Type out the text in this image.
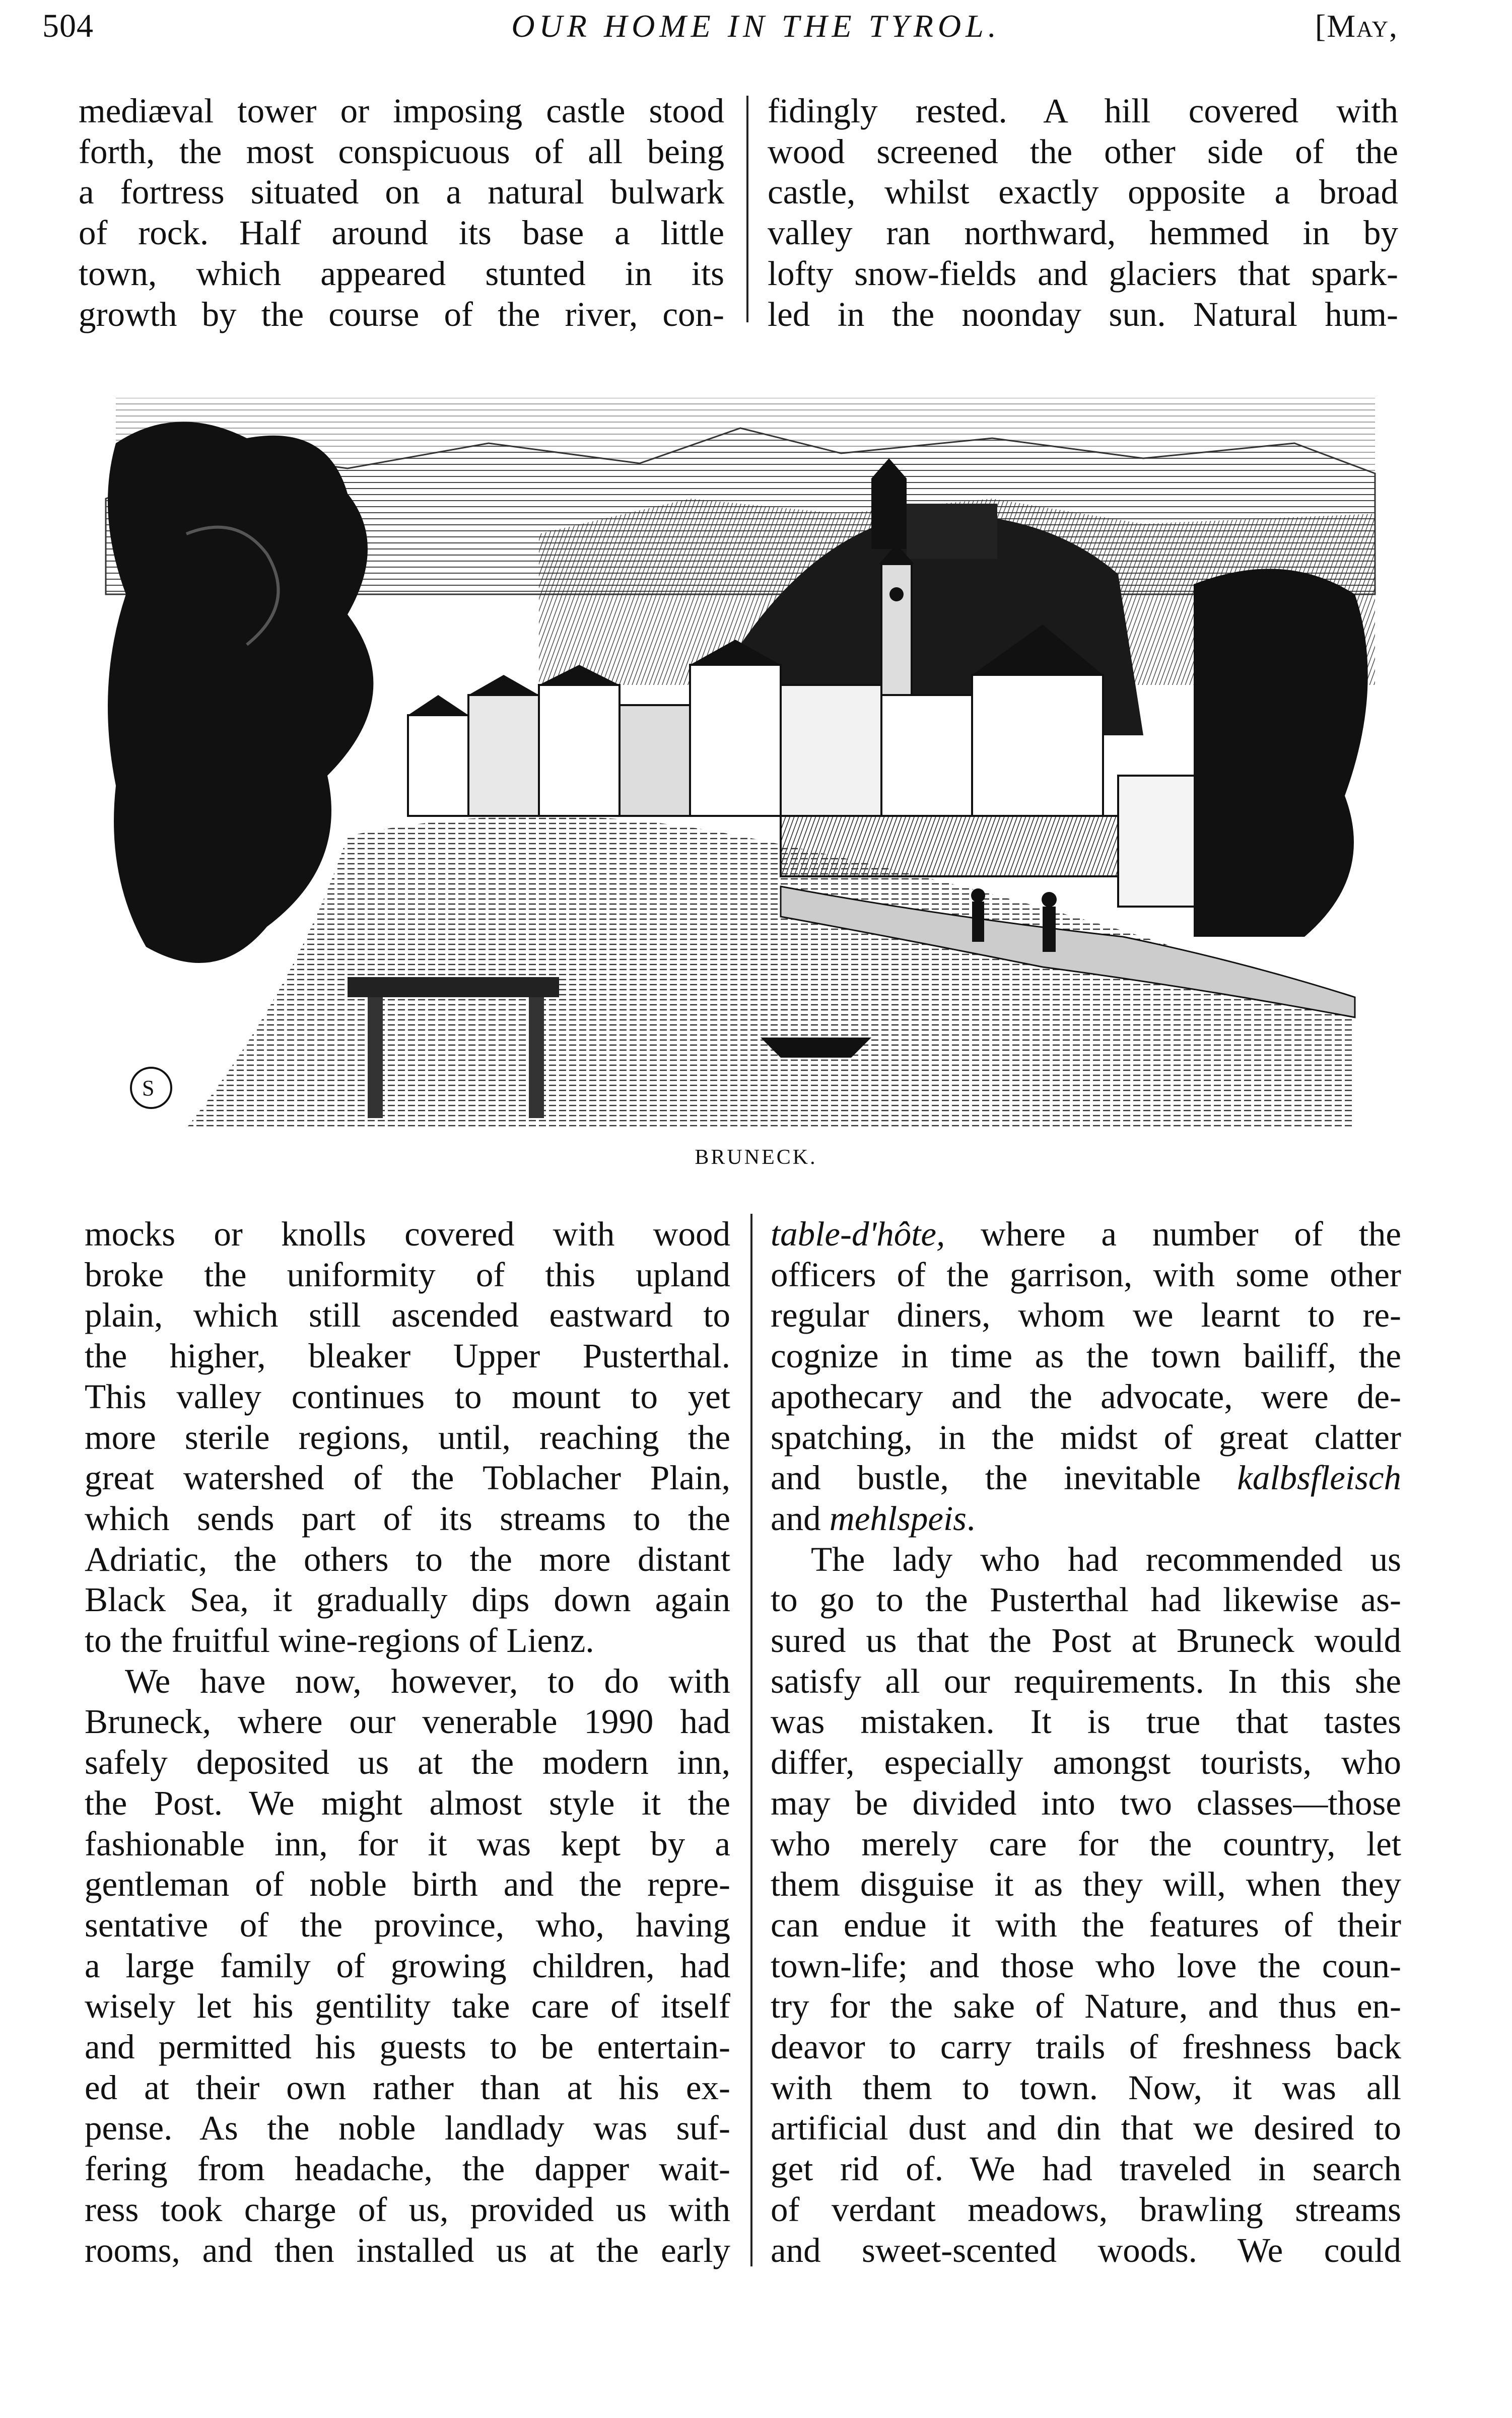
504	OUR HOME IN THE TYROL.	[May,
mediæval tower or imposing castle stood
forth, the most conspicuous of all being
a fortress situated on a natural bulwark
of rock. Half around its base a little
town, which appeared stunted in its
growth by the course of the river, con-
fidingly rested. A hill covered with
wood screened the other side of the
castle, whilst exactly opposite a broad
valley ran northward, hemmed in by
lofty snow-fields and glaciers that spark-
led in the noonday sun. Natural hum-
S
BRUNECK.
mocks or knolls covered with wood
broke the uniformity of this upland
plain, which still ascended eastward to
the higher, bleaker Upper Pusterthal.
This valley continues to mount to yet
more sterile regions, until, reaching the
great watershed of the Toblacher Plain,
which sends part of its streams to the
Adriatic, the others to the more distant
Black Sea, it gradually dips down again
to the fruitful wine-regions of Lienz.
We have now, however, to do with
Bruneck, where our venerable 1990 had
safely deposited us at the modern inn,
the Post. We might almost style it the
fashionable inn, for it was kept by a
gentleman of noble birth and the repre-
sentative of the province, who, having
a large family of growing children, had
wisely let his gentility take care of itself
and permitted his guests to be entertain-
ed at their own rather than at his ex-
pense. As the noble landlady was suf-
fering from headache, the dapper wait-
ress took charge of us, provided us with
rooms, and then installed us at the early
table-d'hôte, where a number of the
officers of the garrison, with some other
regular diners, whom we learnt to re-
cognize in time as the town bailiff, the
apothecary and the advocate, were de-
spatching, in the midst of great clatter
and bustle, the inevitable kalbsfleisch
and mehlspeis.
The lady who had recommended us
to go to the Pusterthal had likewise as-
sured us that the Post at Bruneck would
satisfy all our requirements. In this she
was mistaken. It is true that tastes
differ, especially amongst tourists, who
may be divided into two classes—those
who merely care for the country, let
them disguise it as they will, when they
can endue it with the features of their
town-life; and those who love the coun-
try for the sake of Nature, and thus en-
deavor to carry trails of freshness back
with them to town. Now, it was all
artificial dust and din that we desired to
get rid of. We had traveled in search
of verdant meadows, brawling streams
and sweet-scented woods. We could
